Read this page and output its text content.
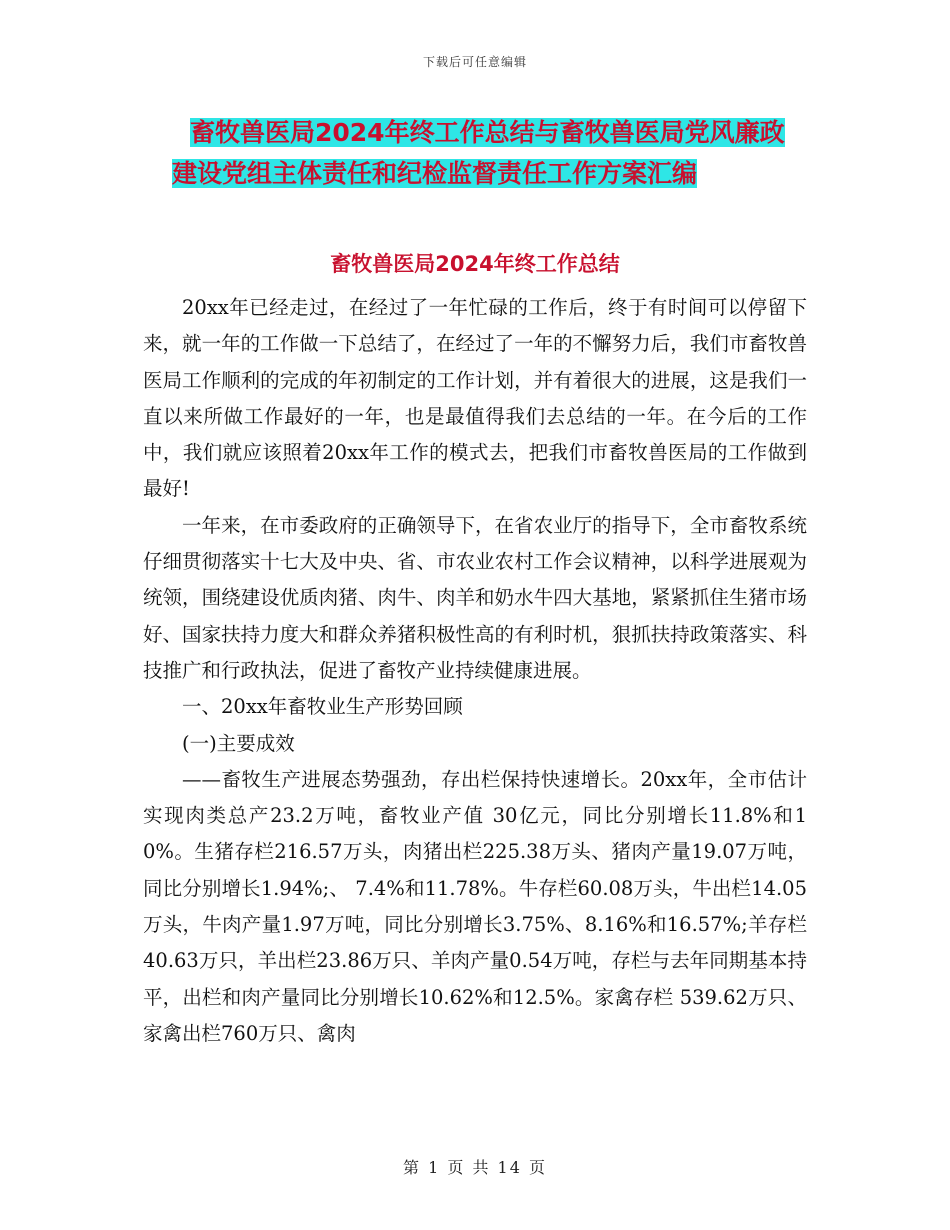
下载后可任意编辑
畜牧兽医局2024年终工作总结与畜牧兽医局党风廉政
建设党组主体责任和纪检监督责任工作方案汇编
畜牧兽医局2024年终工作总结

20xx年已经走过，在经过了一年忙碌的工作后，终于有时间可以停留下来，就一年的工作做一下总结了，在经过了一年的不懈努力后，我们市畜牧兽医局工作顺利的完成的年初制定的工作计划，并有着很大的进展，这是我们一直以来所做工作最好的一年，也是最值得我们去总结的一年。在今后的工作中，我们就应该照着20xx年工作的模式去，把我们市畜牧兽医局的工作做到最好!

一年来，在市委政府的正确领导下，在省农业厅的指导下，全市畜牧系统仔细贯彻落实十七大及中央、省、市农业农村工作会议精神，以科学进展观为统领，围绕建设优质肉猪、肉牛、肉羊和奶水牛四大基地，紧紧抓住生猪市场好、国家扶持力度大和群众养猪积极性高的有利时机，狠抓扶持政策落实、科技推广和行政执法，促进了畜牧产业持续健康进展。

一、20xx年畜牧业生产形势回顾

(一)主要成效

——畜牧生产进展态势强劲，存出栏保持快速增长。20xx年，全市估计实现肉类总产23.2万吨，畜牧业产值 30亿元，同比分别增长11.8%和10%。生猪存栏216.57万头，肉猪出栏225.38万头、猪肉产量19.07万吨，同比分别增长1.94%;、 7.4%和11.78%。牛存栏60.08万头，牛出栏14.05万头，牛肉产量1.97万吨，同比分别增长3.75%、8.16%和16.57%;羊存栏40.63万只，羊出栏23.86万只、羊肉产量0.54万吨，存栏与去年同期基本持平，出栏和肉产量同比分别增长10.62%和12.5%。家禽存栏 539.62万只、家禽出栏760万只、禽肉

第 1 页 共 14 页
